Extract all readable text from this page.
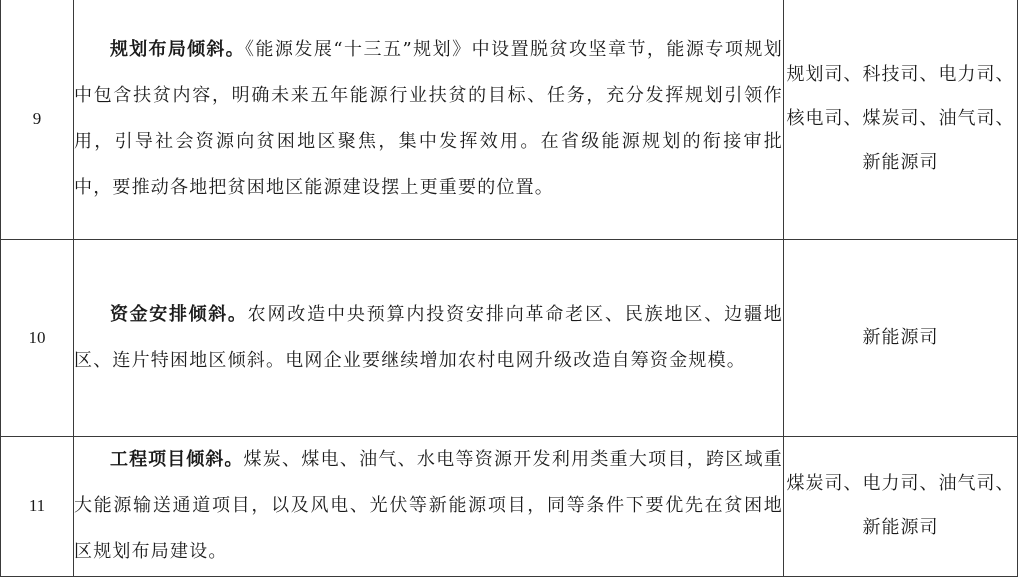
9	规划布局倾斜。《能源发展“十三五”规划》中设置脱贫攻坚章节，能源专项规划中包含扶贫内容，明确未来五年能源行业扶贫的目标、任务，充分发挥规划引领作用，引导社会资源向贫困地区聚焦，集中发挥效用。在省级能源规划的衔接审批中，要推动各地把贫困地区能源建设摆上更重要的位置。	规划司、科技司、电力司、核电司、煤炭司、油气司、新能源司
10	资金安排倾斜。农网改造中央预算内投资安排向革命老区、民族地区、边疆地区、连片特困地区倾斜。电网企业要继续增加农村电网升级改造自筹资金规模。	新能源司
11	工程项目倾斜。煤炭、煤电、油气、水电等资源开发利用类重大项目，跨区域重大能源输送通道项目，以及风电、光伏等新能源项目，同等条件下要优先在贫困地区规划布局建设。	煤炭司、电力司、油气司、新能源司
